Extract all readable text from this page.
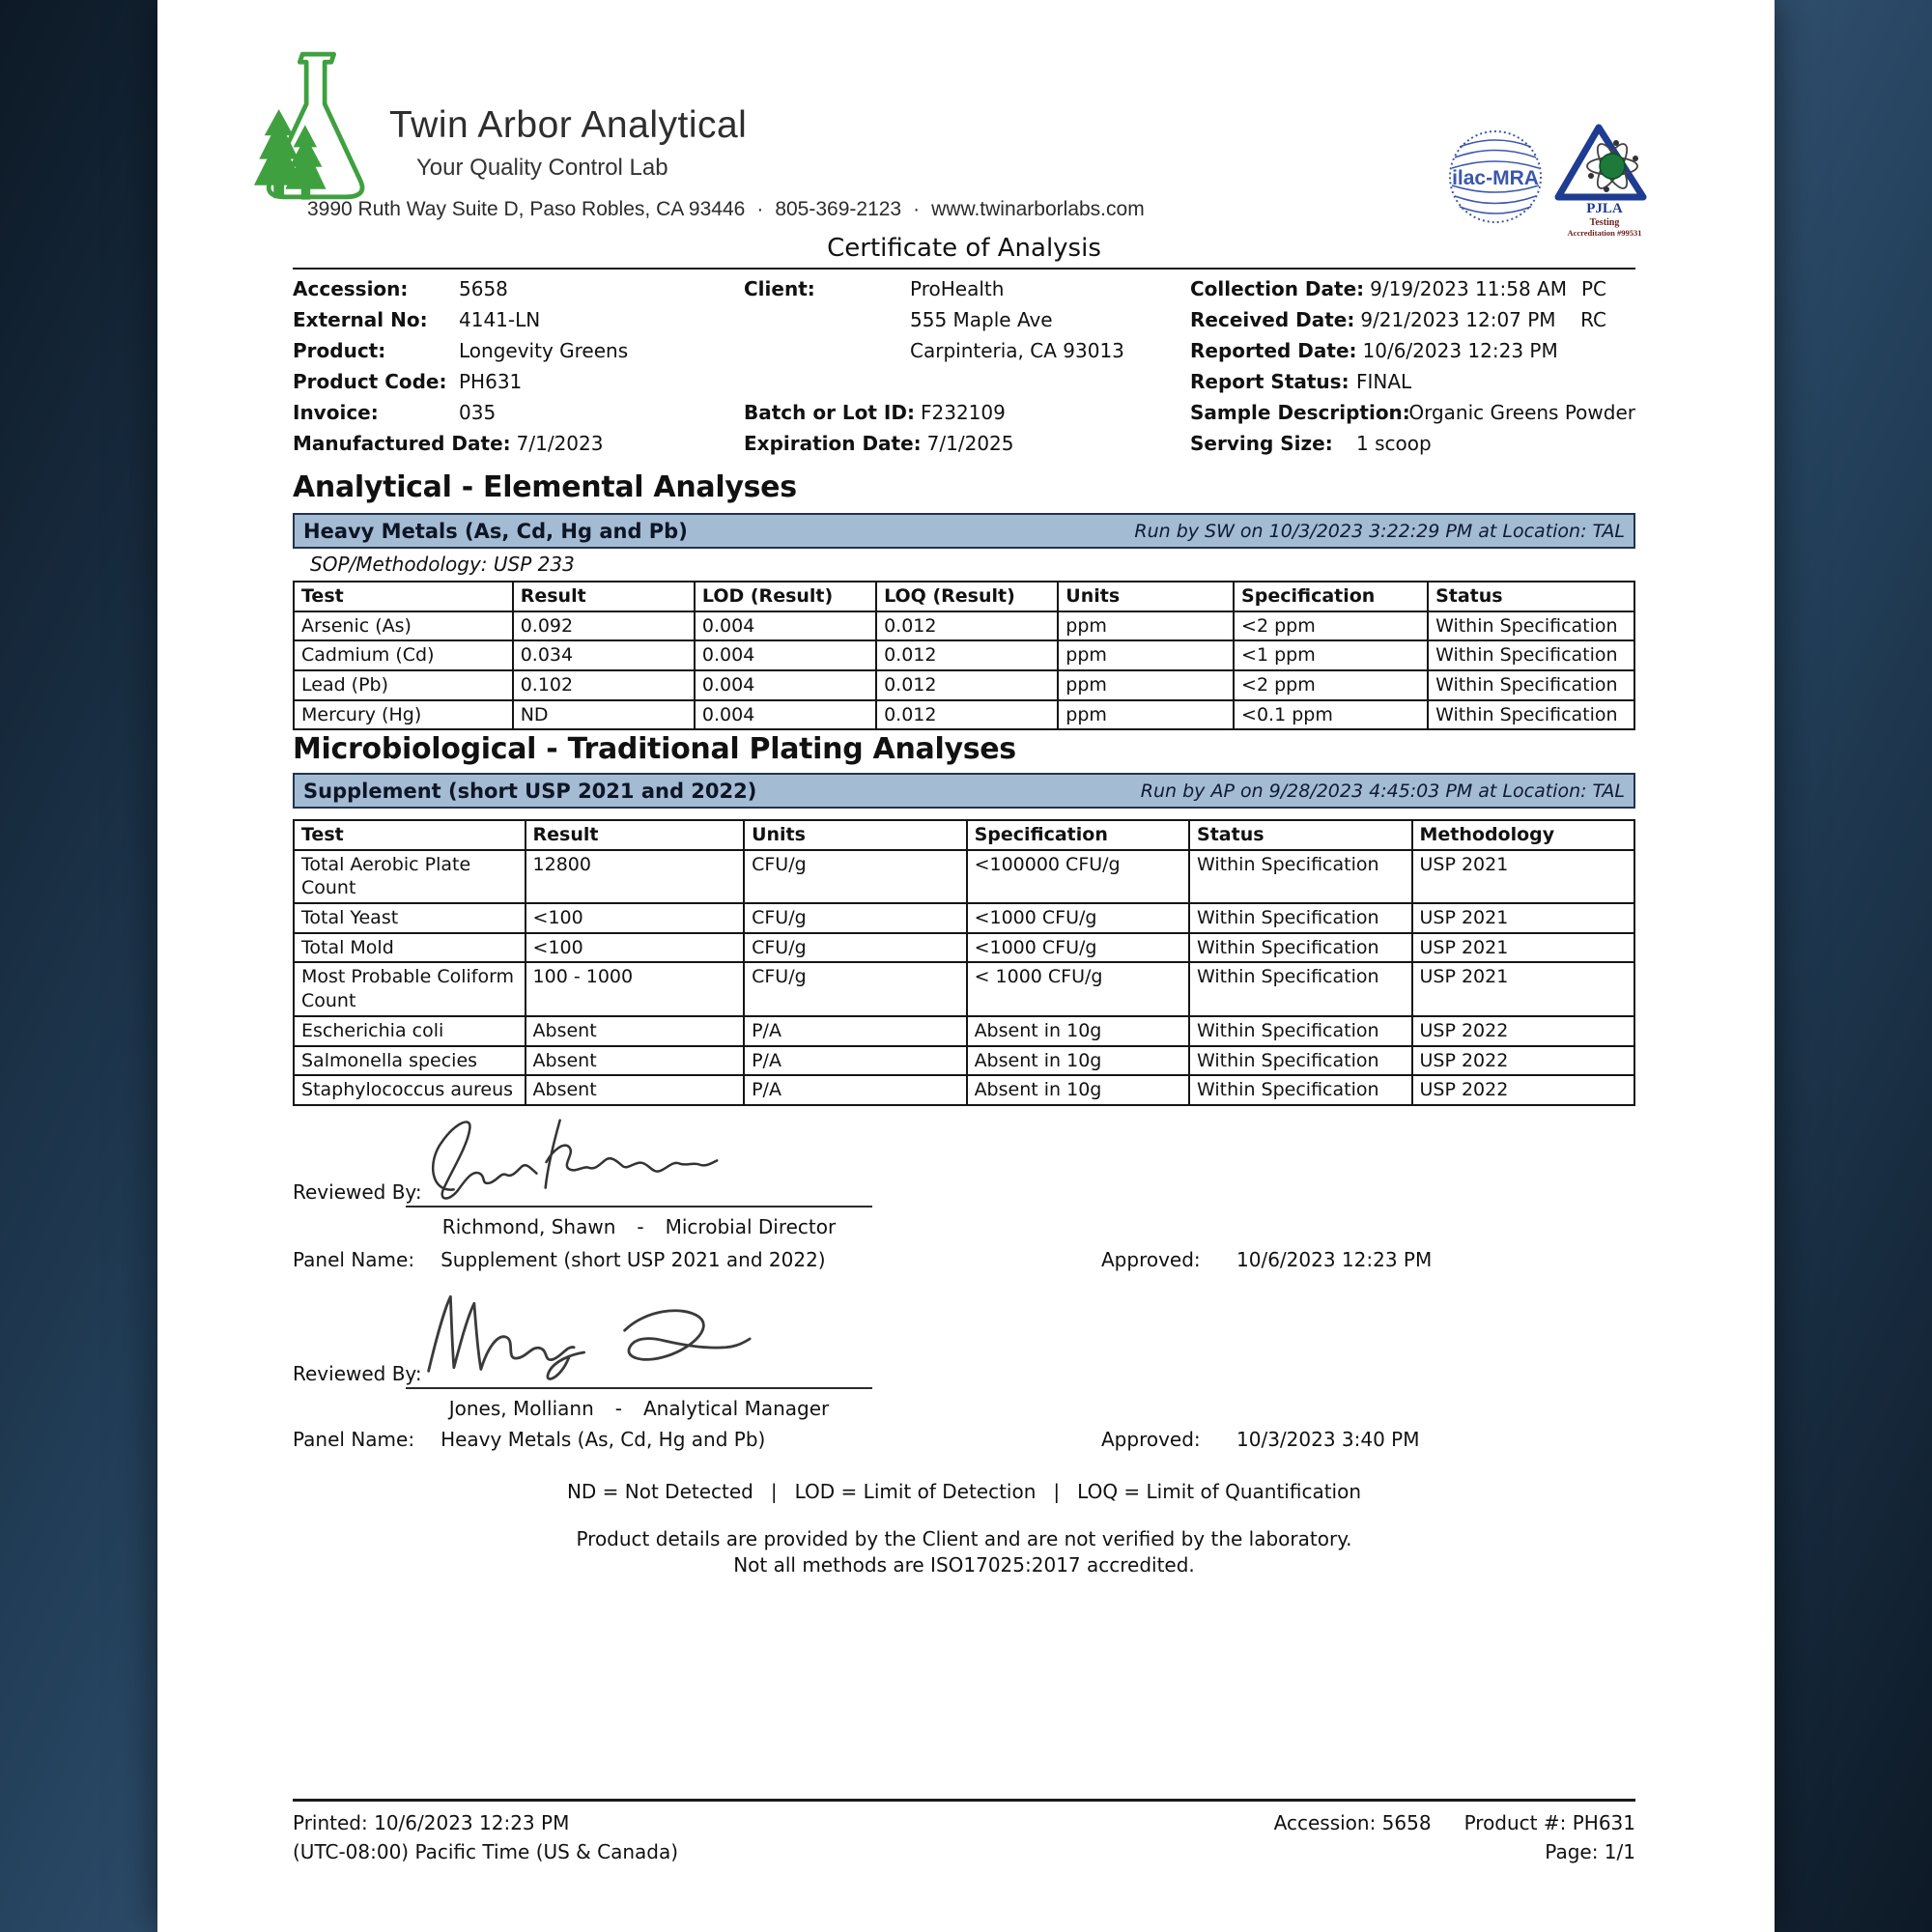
Twin Arbor Analytical
Your Quality Control Lab
3990 Ruth Way Suite D, Paso Robles, CA 93446 · 805-369-2123 · www.twinarborlabs.com
ilac-MRA
PJLA
Testing
Accreditation #99531
Certificate of Analysis
Accession:	5658
External No:	4141-LN
Product:	Longevity Greens
Product Code: PH631
Invoice:	035
Manufactured Date: 7/1/2023
Client:	ProHealth
555 Maple Ave
Carpinteria, CA 93013
Batch or Lot ID: F232109
Expiration Date: 7/1/2025
Collection Date: 9/19/2023 11:58 AM PC
Received Date: 9/21/2023 12:07 PM RC
Reported Date: 10/6/2023 12:23 PM
Report Status: FINAL
Sample Description:
Organic Greens Powder
Serving Size:	1 scoop
Analytical - Elemental Analyses
Heavy Metals (As, Cd, Hg and Pb)	Run by SW on 10/3/2023 3:22:29 PM at Location: TAL
SOP/Methodology: USP 233
Test	Result	LOD (Result)	LOQ (Result)	Units	Specification	Status
Arsenic (As)	0.092	0.004	0.012	ppm	<2 ppm	Within Specification
Cadmium (Cd)	0.034	0.004	0.012	ppm	<1 ppm	Within Specification
Lead (Pb)	0.102	0.004	0.012	ppm	<2 ppm	Within Specification
Mercury (Hg)	ND	0.004	0.012	ppm	<0.1 ppm	Within Specification
Microbiological - Traditional Plating Analyses
Supplement (short USP 2021 and 2022)	Run by AP on 9/28/2023 4:45:03 PM at Location: TAL
Test	Result	Units	Specification	Status	Methodology
Total Aerobic Plate Count	12800	CFU/g	<100000 CFU/g	Within Specification	USP 2021
Total Yeast	<100	CFU/g	<1000 CFU/g	Within Specification	USP 2021
Total Mold	<100	CFU/g	<1000 CFU/g	Within Specification	USP 2021
Most Probable Coliform Count	100 - 1000	CFU/g	< 1000 CFU/g	Within Specification	USP 2021
Escherichia coli	Absent	P/A	Absent in 10g	Within Specification	USP 2022
Salmonella species	Absent	P/A	Absent in 10g	Within Specification	USP 2022
Staphylococcus aureus	Absent	P/A	Absent in 10g	Within Specification	USP 2022
Reviewed By:
Richmond, Shawn - Microbial Director
Panel Name: Supplement (short USP 2021 and 2022)	Approved: 10/6/2023 12:23 PM
Reviewed By:
Jones, Molliann - Analytical Manager
Panel Name: Heavy Metals (As, Cd, Hg and Pb)	Approved: 10/3/2023 3:40 PM
ND = Not Detected | LOD = Limit of Detection | LOQ = Limit of Quantification
Product details are provided by the Client and are not verified by the laboratory.
Not all methods are ISO17025:2017 accredited.
Printed: 10/6/2023 12:23 PM
(UTC-08:00) Pacific Time (US & Canada)
Accession: 5658 Product #: PH631
Page: 1/1
